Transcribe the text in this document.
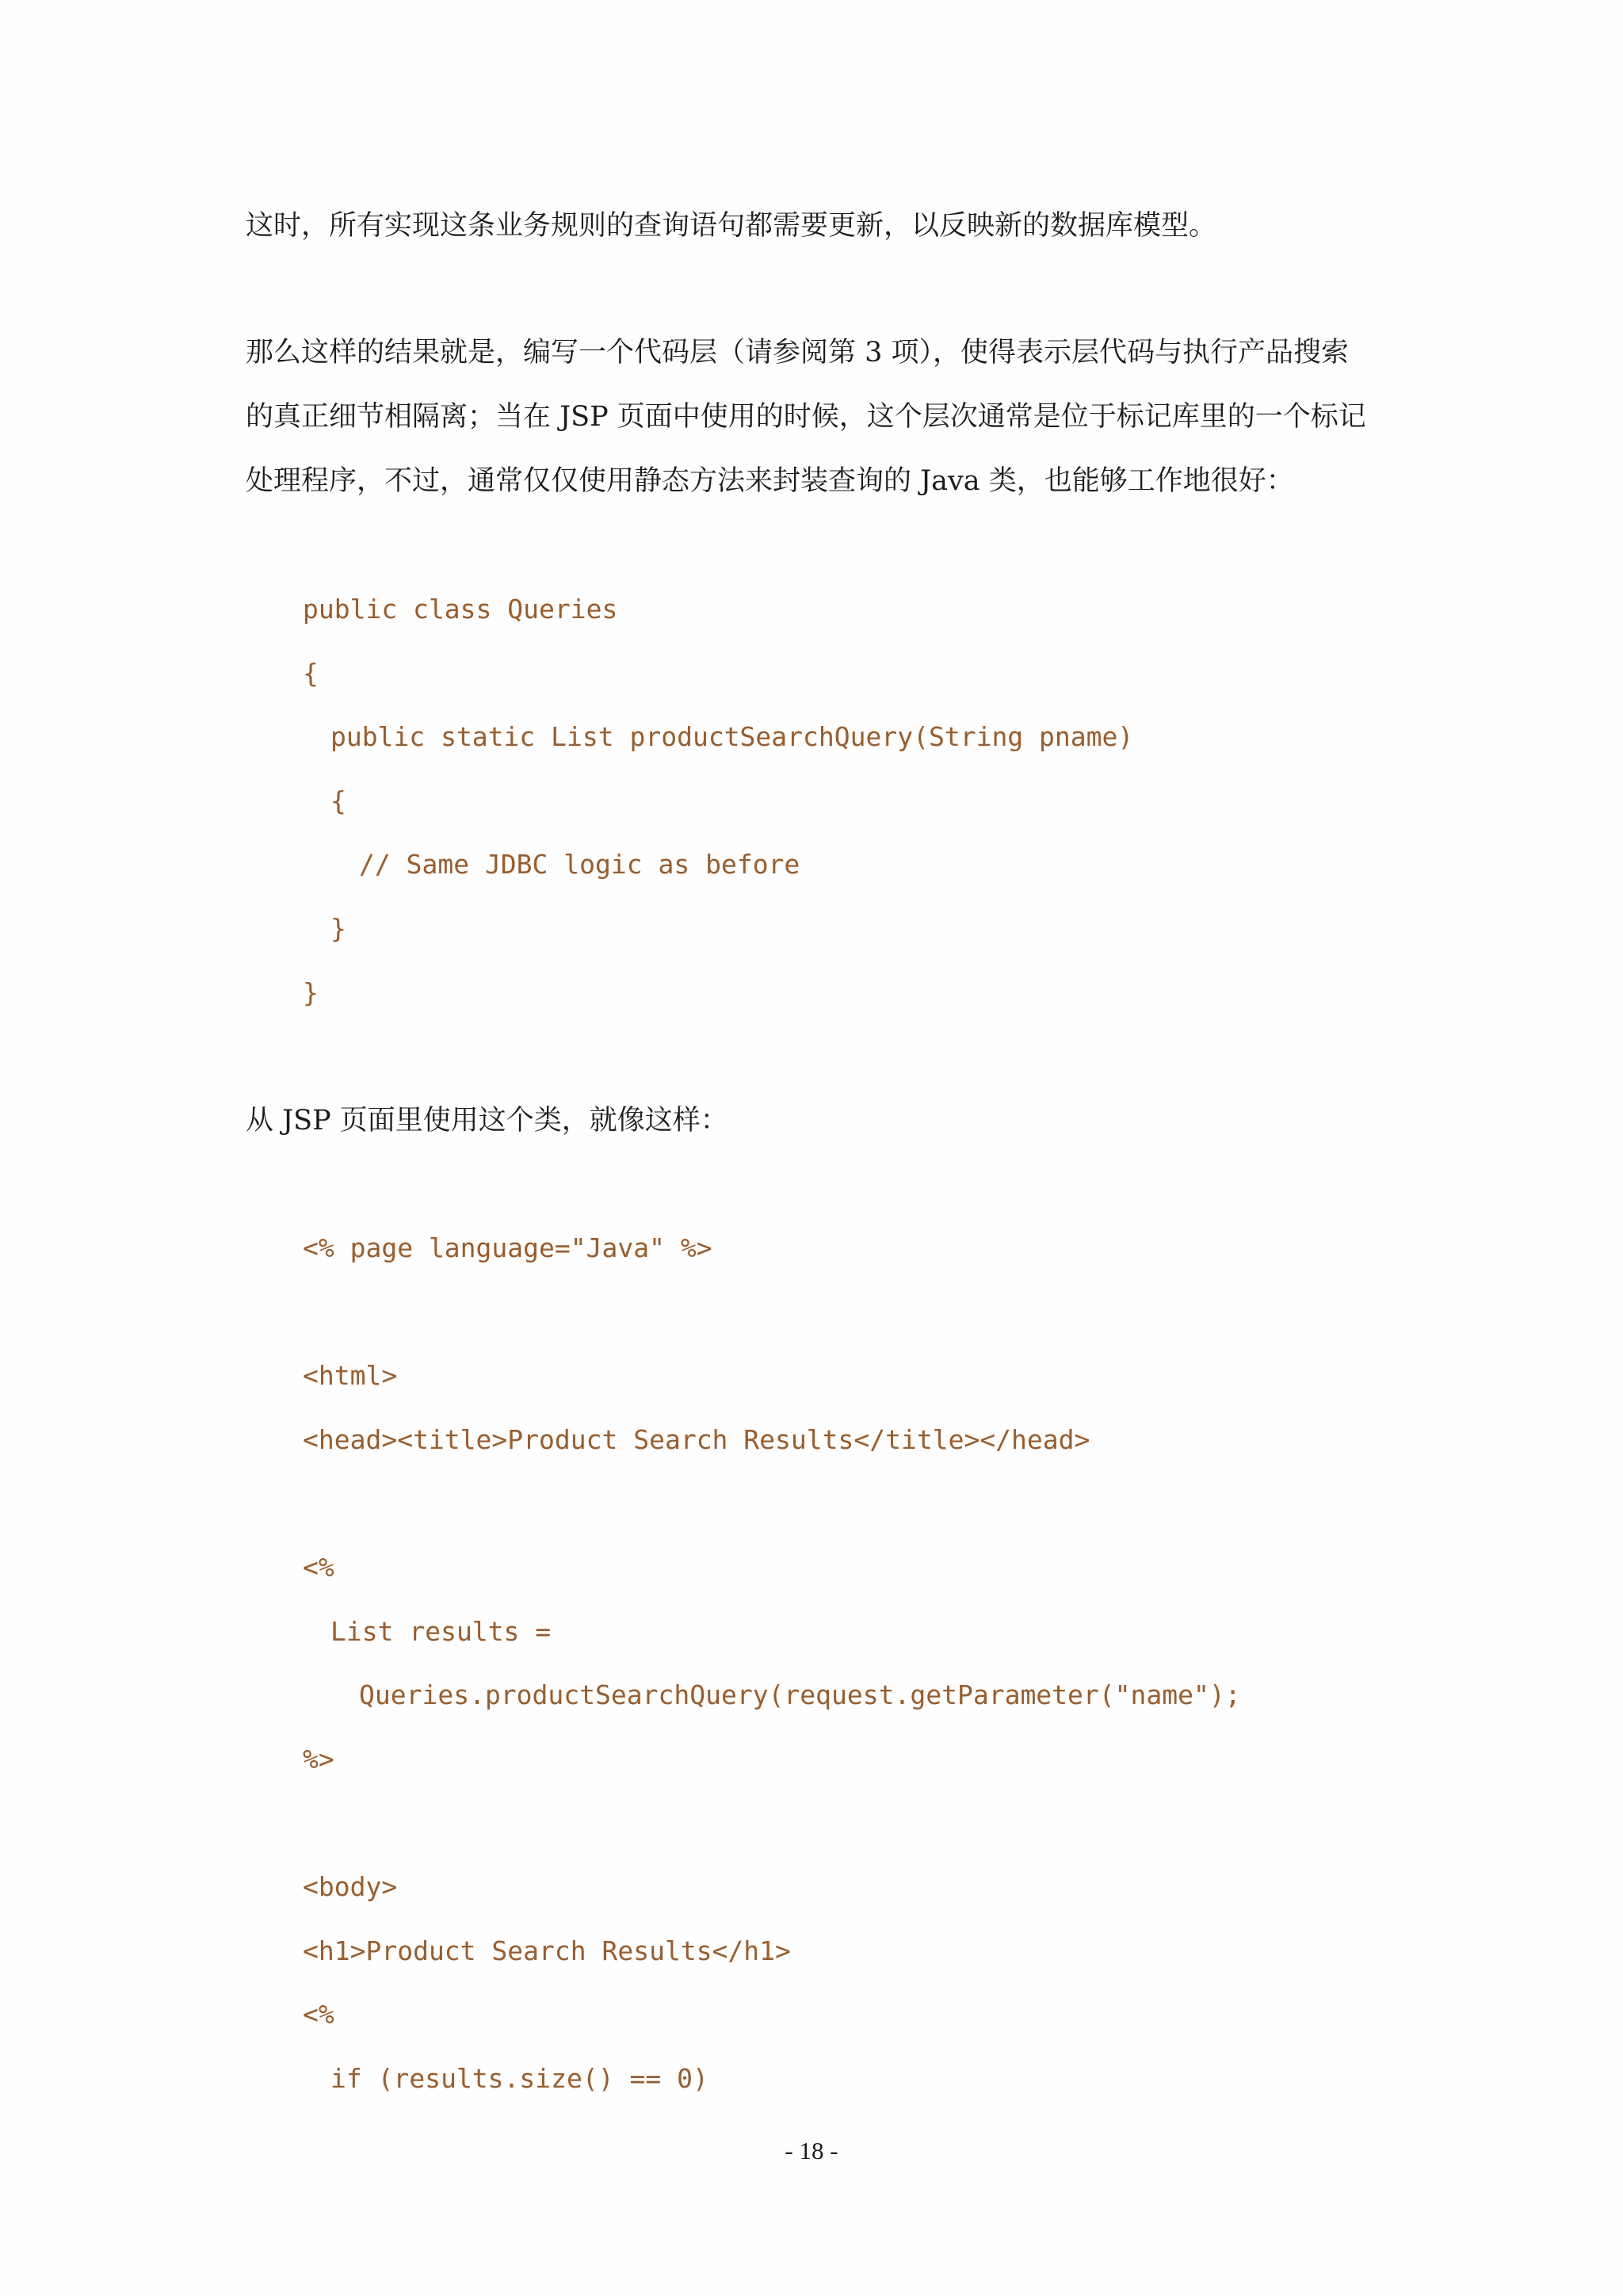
这时，所有实现这条业务规则的查询语句都需要更新，以反映新的数据库模型。

那么这样的结果就是，编写一个代码层（请参阅第 3 项），使得表示层代码与执行产品搜索

的真正细节相隔离；当在 JSP 页面中使用的时候，这个层次通常是位于标记库里的一个标记

处理程序，不过，通常仅仅使用静态方法来封装查询的 Java 类，也能够工作地很好：

public class Queries

{

public static List productSearchQuery(String pname)

{

// Same JDBC logic as before

}

}

从 JSP 页面里使用这个类，就像这样：

<% page language="Java" %>

<html>

<head><title>Product Search Results</title></head>

<%

List results =

Queries.productSearchQuery(request.getParameter("name");

%>

<body>

<h1>Product Search Results</h1>

<%

if (results.size() == 0)

- 18 -
